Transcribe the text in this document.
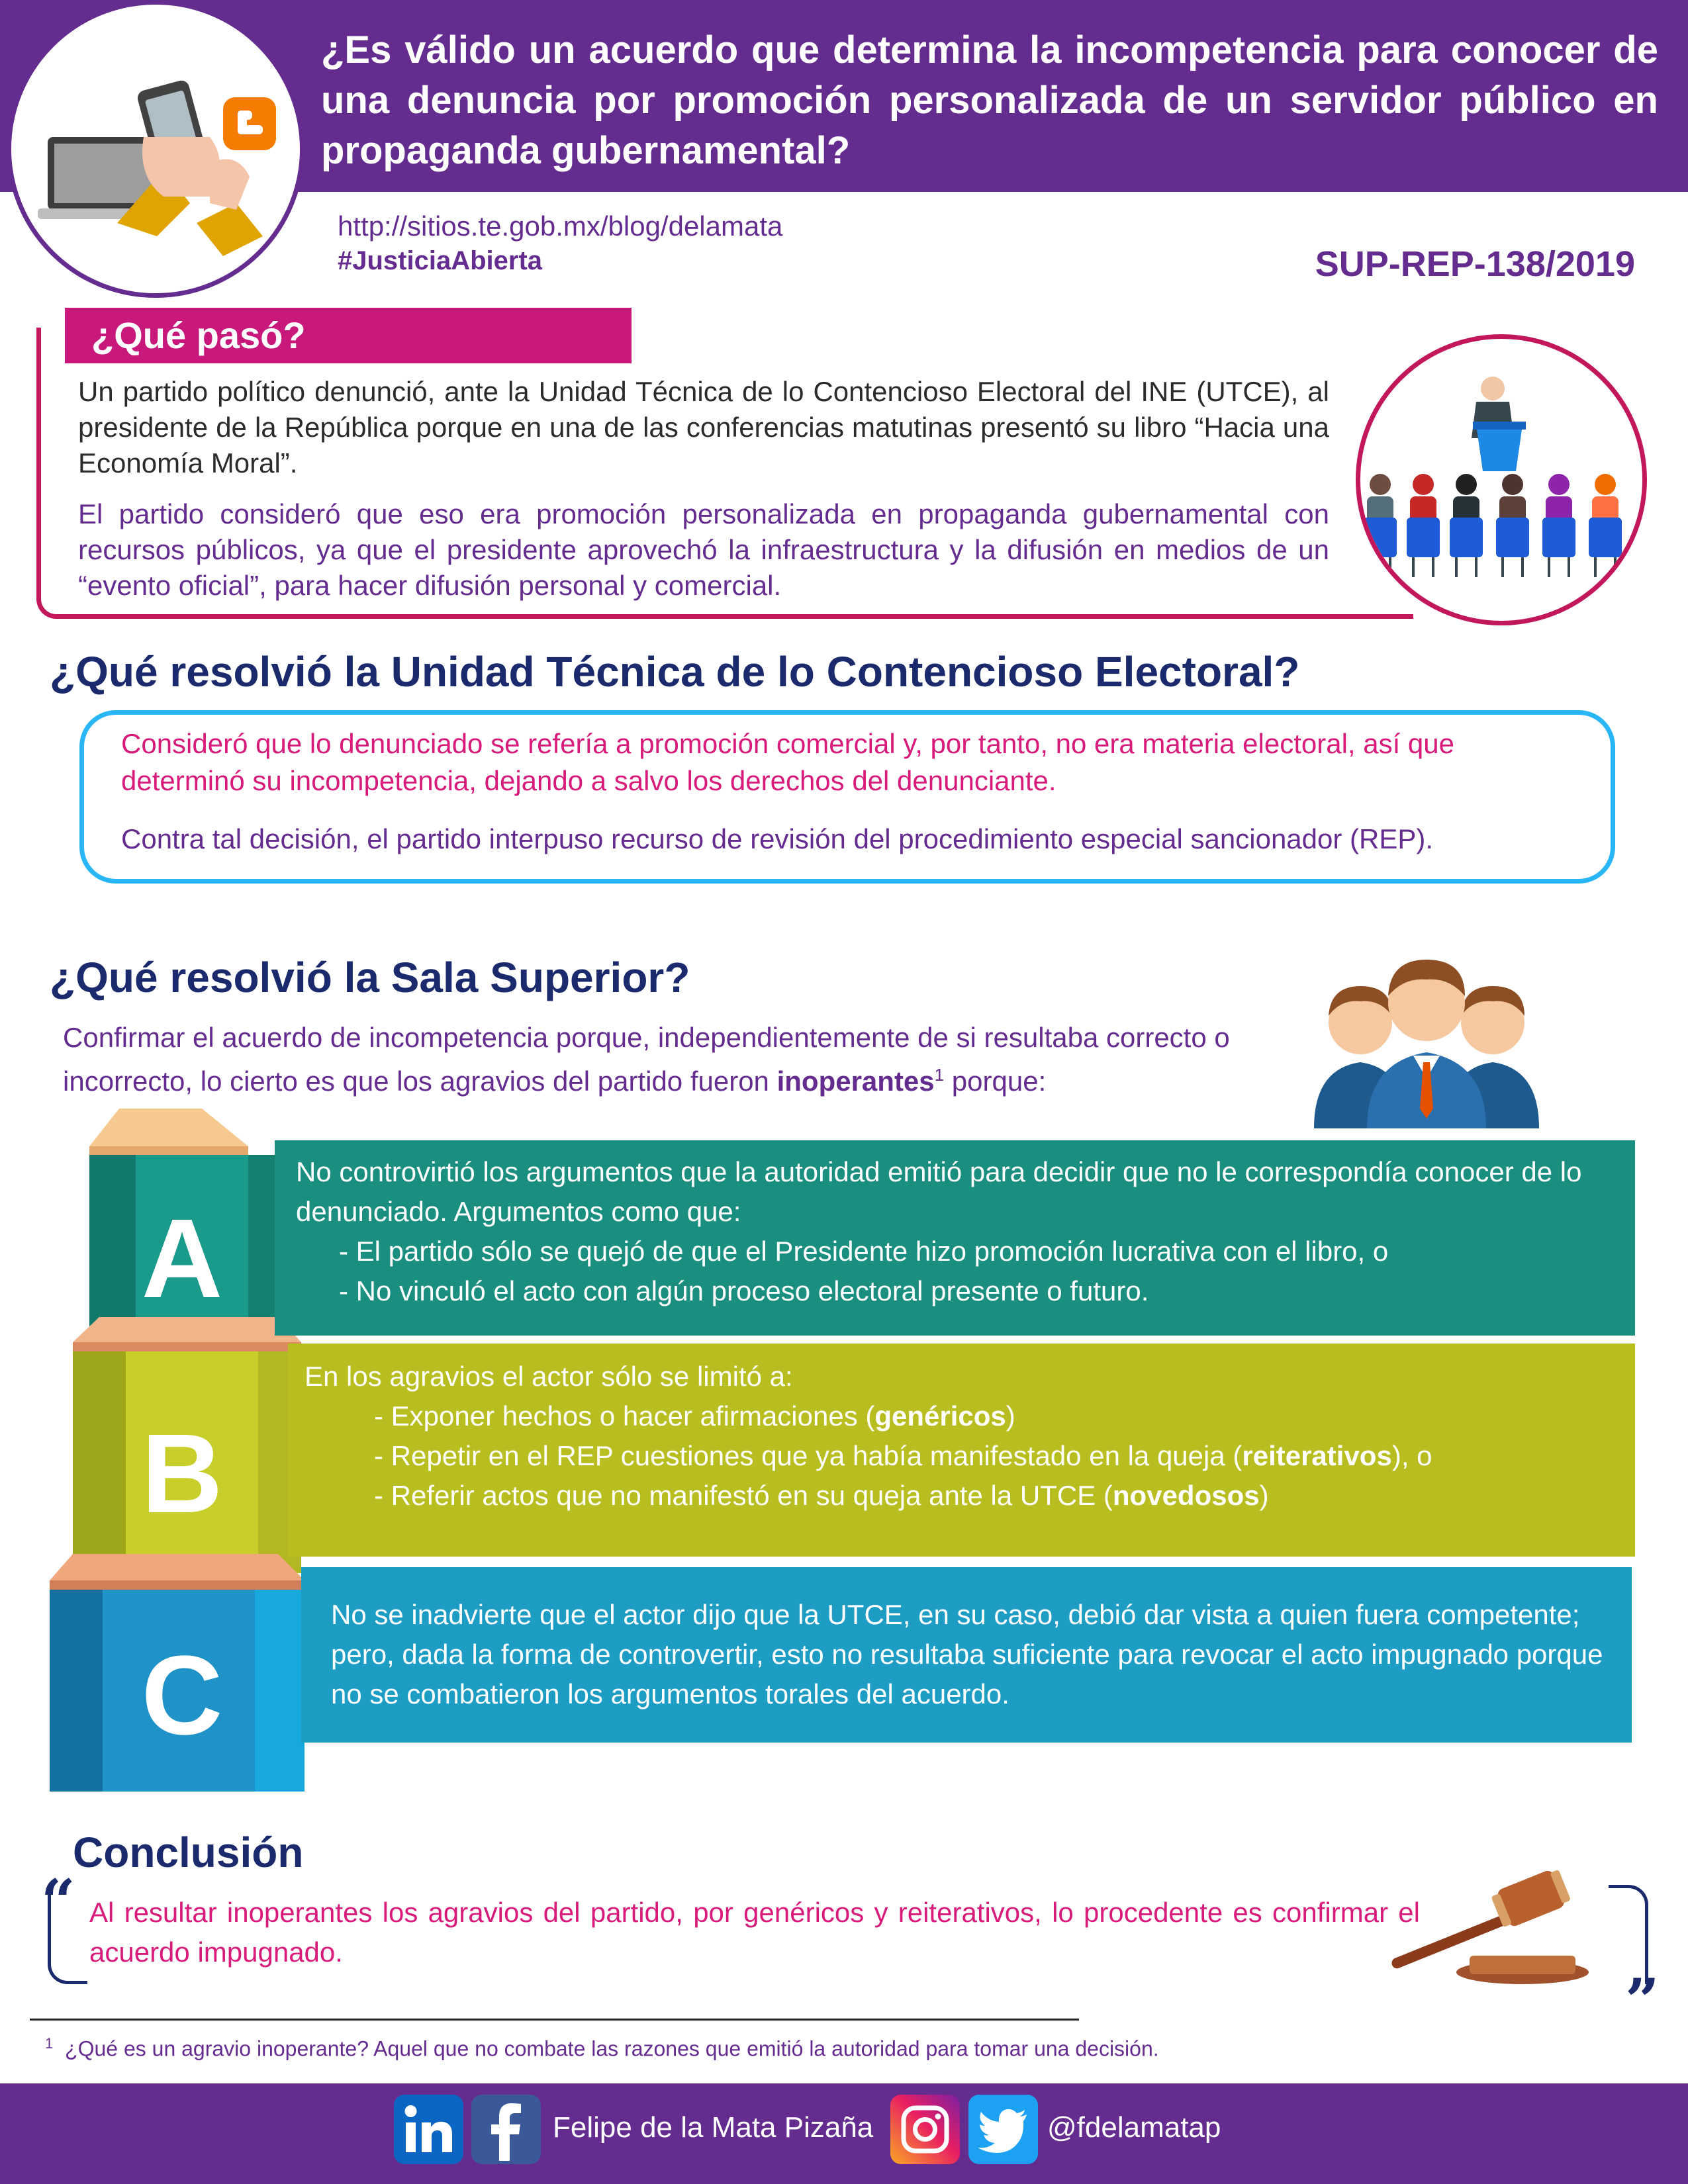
¿Es válido un acuerdo que determina la incompetencia para conocer de una denuncia por promoción personalizada de un servidor público en propaganda gubernamental?
http://sitios.te.gob.mx/blog/delamata
#JusticiaAbierta	SUP-REP-138/2019
¿Qué pasó?

Un partido político denunció, ante la Unidad Técnica de lo Contencioso Electoral del INE (UTCE), al presidente de la República porque en una de las conferencias matutinas presentó su libro “Hacia una Economía Moral”.

El partido consideró que eso era promoción personalizada en propaganda gubernamental con recursos públicos, ya que el presidente aprovechó la infraestructura y la difusión en medios de un “evento oficial”, para hacer difusión personal y comercial.

¿Qué resolvió la Unidad Técnica de lo Contencioso Electoral?

Consideró que lo denunciado se refería a promoción comercial y, por tanto, no era materia electoral, así que determinó su incompetencia, dejando a salvo los derechos del denunciante.

Contra tal decisión, el partido interpuso recurso de revisión del procedimiento especial sancionador (REP).

¿Qué resolvió la Sala Superior?

Confirmar el acuerdo de incompetencia porque, independientemente de si resultaba correcto o incorrecto, lo cierto es que los agravios del partido fueron inoperantes$^1$ porque:

A
B
C
No controvirtió los argumentos que la autoridad emitió para decidir que no le correspondía conocer de lo denunciado. Argumentos como que:
- El partido sólo se quejó de que el Presidente hizo promoción lucrativa con el libro, o
- No vinculó el acto con algún proceso electoral presente o futuro.
En los agravios el actor sólo se limitó a:
- Exponer hechos o hacer afirmaciones (genéricos)
- Repetir en el REP cuestiones que ya había manifestado en la queja (reiterativos), o
- Referir actos que no manifestó en su queja ante la UTCE (novedosos)
No se inadvierte que el actor dijo que la UTCE, en su caso, debió dar vista a quien fuera competente; pero, dada la forma de controvertir, esto no resultaba suficiente para revocar el acto impugnado porque no se combatieron los argumentos torales del acuerdo.
Conclusión
“
”

Al resultar inoperantes los agravios del partido, por genéricos y reiterativos, lo procedente es confirmar el acuerdo impugnado.

$^1$ ¿Qué es un agravio inoperante? Aquel que no combate las razones que emitió la autoridad para tomar una decisión.

Felipe de la Mata Pizaña	@fdelamatap
